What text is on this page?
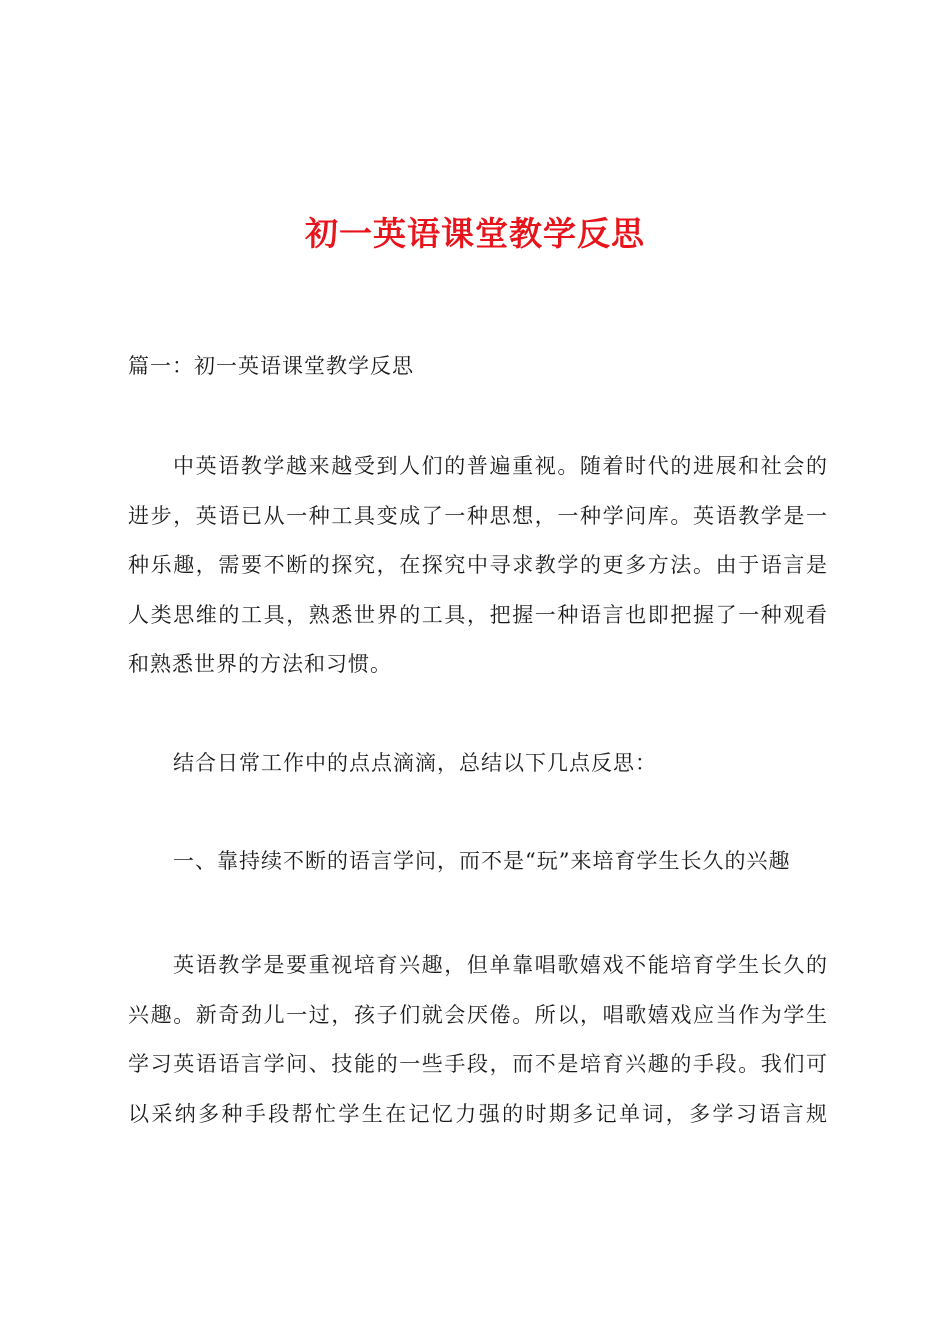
初一英语课堂教学反思
篇一：初一英语课堂教学反思
中英语教学越来越受到人们的普遍重视。随着时代的进展和社会的
进步，英语已从一种工具变成了一种思想，一种学问库。英语教学是一
种乐趣，需要不断的探究，在探究中寻求教学的更多方法。由于语言是
人类思维的工具，熟悉世界的工具，把握一种语言也即把握了一种观看
和熟悉世界的方法和习惯。
结合日常工作中的点点滴滴，总结以下几点反思：
一、靠持续不断的语言学问，而不是“玩”来培育学生长久的兴趣
英语教学是要重视培育兴趣，但单靠唱歌嬉戏不能培育学生长久的
兴趣。新奇劲儿一过，孩子们就会厌倦。所以，唱歌嬉戏应当作为学生
学习英语语言学问、技能的一些手段，而不是培育兴趣的手段。我们可
以采纳多种手段帮忙学生在记忆力强的时期多记单词，多学习语言规
